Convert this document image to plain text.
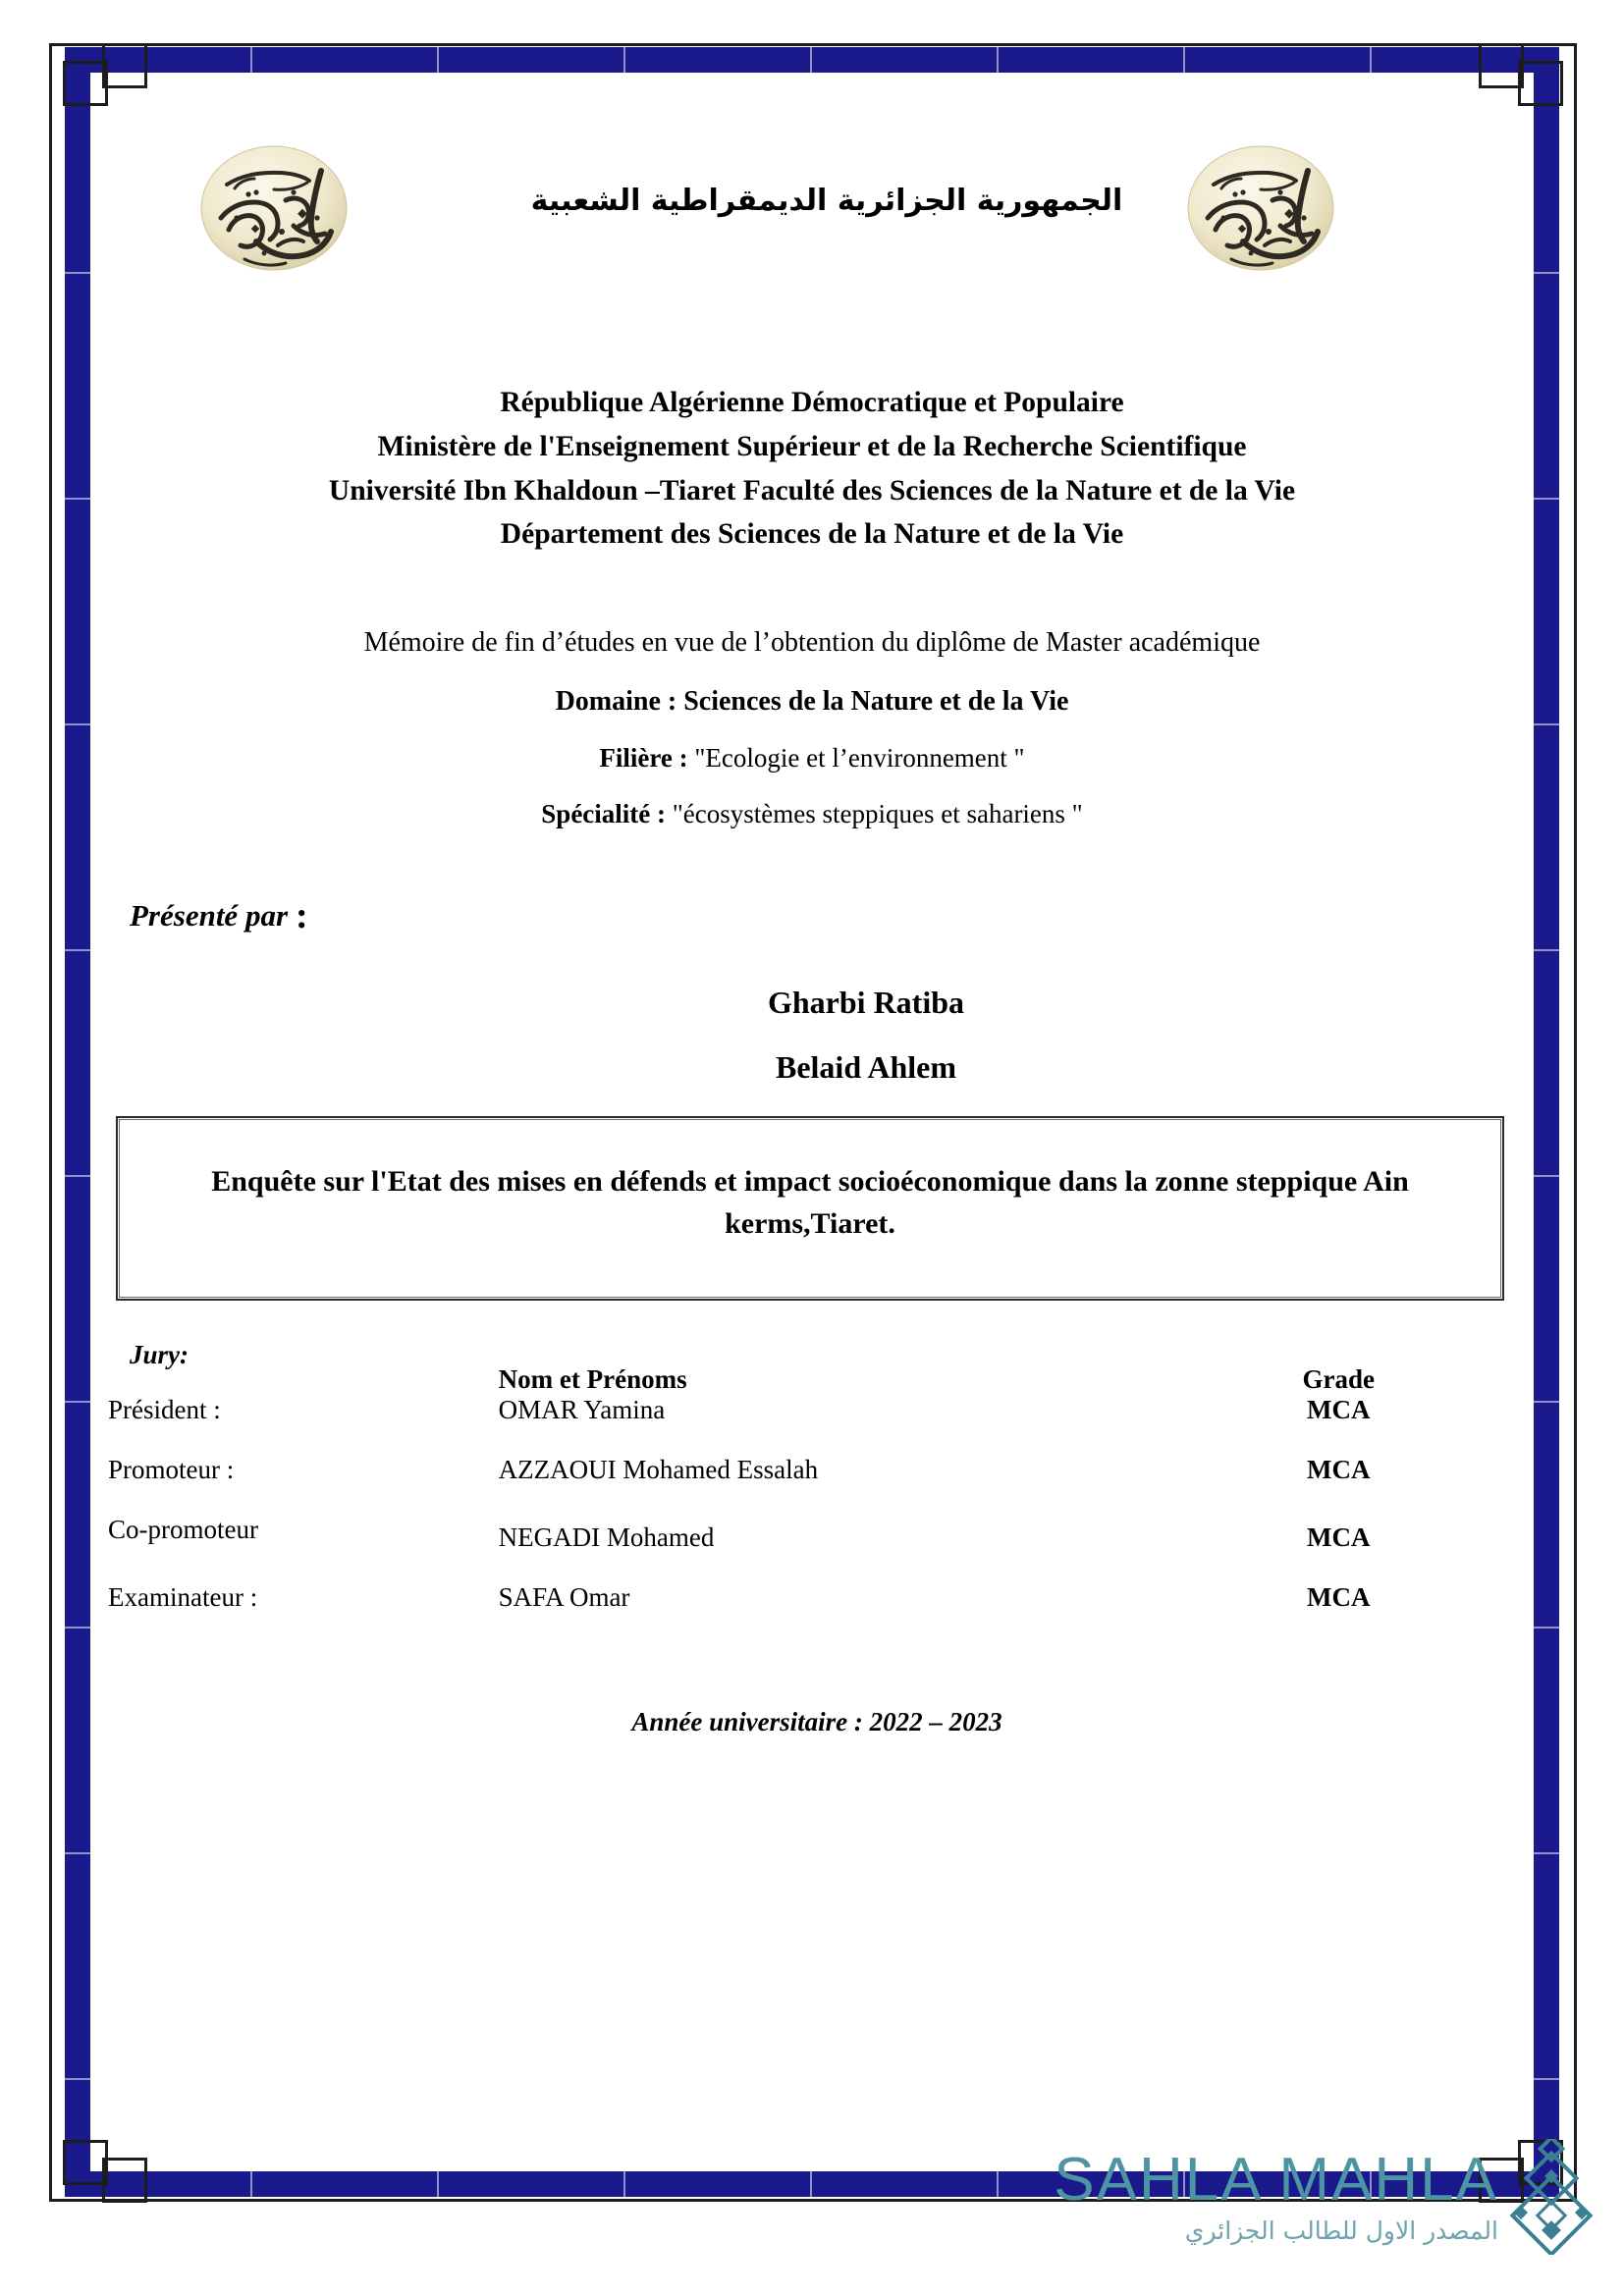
الجمهورية الجزائرية الديمقراطية الشعبية
République Algérienne Démocratique et Populaire
Ministère de l'Enseignement Supérieur et de la Recherche Scientifique
Université Ibn Khaldoun –Tiaret Faculté des Sciences de la Nature et de la Vie
Département des Sciences de la Nature et de la Vie
Mémoire de fin d’études en vue de l’obtention du diplôme de Master académique
Domaine : Sciences de la Nature et de la Vie
Filière : "Ecologie et l’environnement "
Spécialité : "écosystèmes steppiques et sahariens "
Présenté par :
Gharbi Ratiba
Belaid Ahlem
Enquête sur l'Etat des mises en défends et impact socioéconomique dans la zonne steppique Ain kerms,Tiaret.
Jury:
	Nom et Prénoms	Grade
Président :	OMAR Yamina	MCA

Promoteur :	AZZAOUI Mohamed Essalah	MCA

Co-promoteur	NEGADI Mohamed	MCA

Examinateur :	SAFA Omar	MCA
Année universitaire : 2022 – 2023
SAHLA MAHLA
المصدر الاول للطالب الجزائري
